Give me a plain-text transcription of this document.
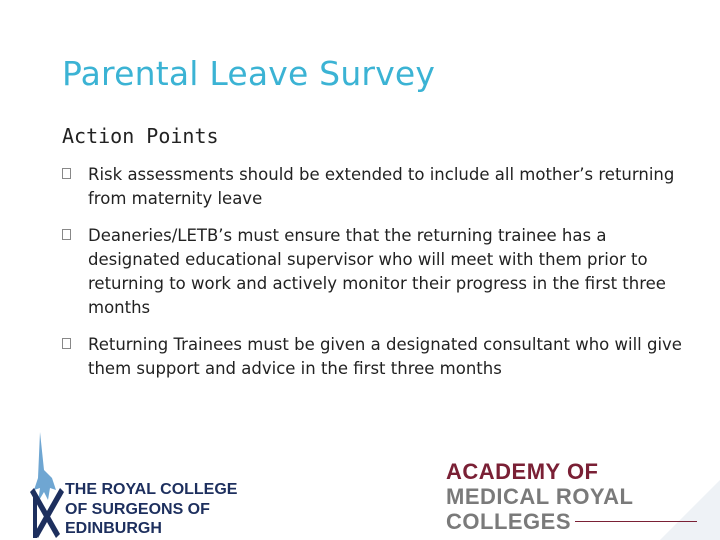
Parental Leave Survey
Action Points
Risk assessments should be extended to include all mother’s returning from maternity leave
Deaneries/LETB’s must ensure that the returning trainee has a designated educational supervisor who will meet with them prior to returning to work and actively monitor their progress in the first three months
Returning Trainees must be given a designated consultant who will give them support and advice in the first three months
THE ROYAL COLLEGE
OF SURGEONS OF
EDINBURGH
ACADEMY OF
MEDICAL ROYAL
COLLEGES
